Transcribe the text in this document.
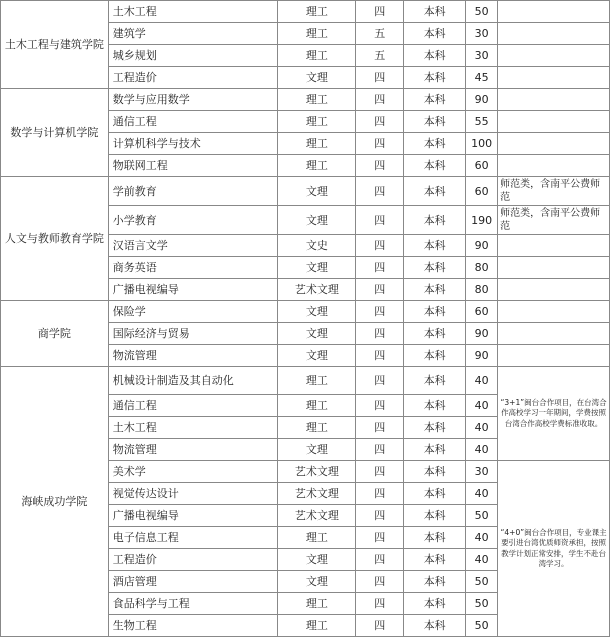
土木工程与建筑学院	土木工程	理工	四	本科	50	
	建筑学	理工	五	本科	30	
	城乡规划	理工	五	本科	30	
	工程造价	文理	四	本科	45	
数学与计算机学院	数学与应用数学	理工	四	本科	90	
	通信工程	理工	四	本科	55	
	计算机科学与技术	理工	四	本科	100	
	物联网工程	理工	四	本科	60	
人文与教师教育学院	学前教育	文理	四	本科	60	师范类，含南平公费师范
	小学教育	文理	四	本科	190	师范类，含南平公费师范
	汉语言文学	文史	四	本科	90	
	商务英语	文理	四	本科	80	
	广播电视编导	艺术文理	四	本科	80	
商学院	保险学	文理	四	本科	60	
	国际经济与贸易	文理	四	本科	90	
	物流管理	文理	四	本科	90	
海峡成功学院	机械设计制造及其自动化	理工	四	本科	40	“3+1”闽台合作项目，在台湾合作高校学习一年期间，学费按照台湾合作高校学费标准收取。
	通信工程	理工	四	本科	40	
	土木工程	理工	四	本科	40	
	物流管理	文理	四	本科	40	
	美术学	艺术文理	四	本科	30	“4+0”闽台合作项目，专业课主要引进台湾优质师资承担，按照教学计划正常安排，学生不赴台湾学习。
	视觉传达设计	艺术文理	四	本科	40	
	广播电视编导	艺术文理	四	本科	50	
	电子信息工程	理工	四	本科	40	
	工程造价	文理	四	本科	40	
	酒店管理	文理	四	本科	50	
	食品科学与工程	理工	四	本科	50	
	生物工程	理工	四	本科	50	
